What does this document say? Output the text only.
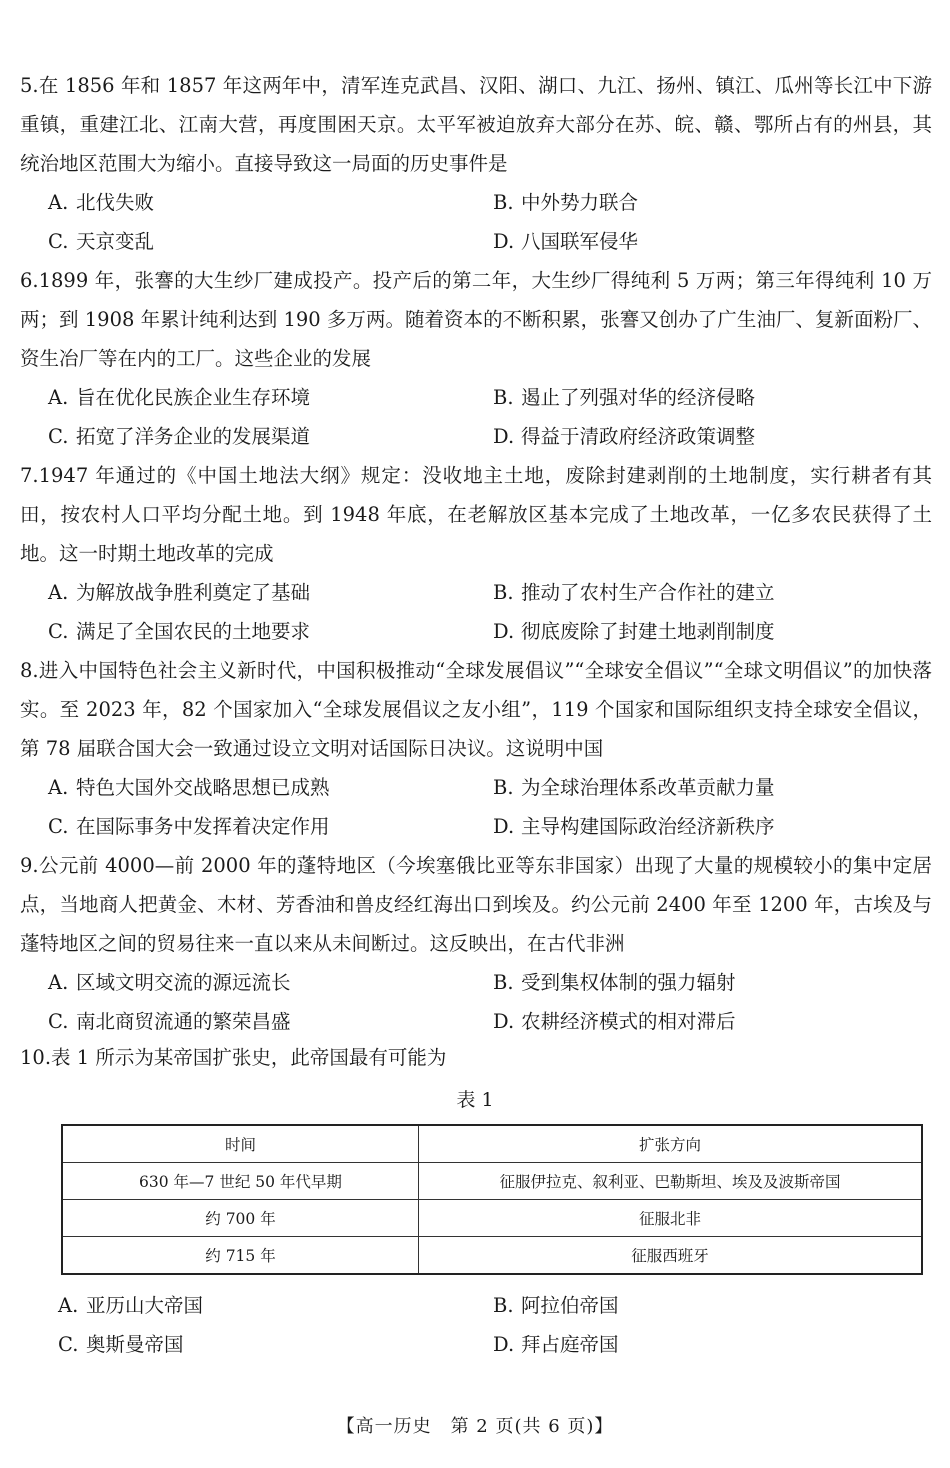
5.在 1856 年和 1857 年这两年中，清军连克武昌、汉阳、湖口、九江、扬州、镇江、瓜州等长江中下游重镇，重建江北、江南大营，再度围困天京。太平军被迫放弃大部分在苏、皖、赣、鄂所占有的州县，其统治地区范围大为缩小。直接导致这一局面的历史事件是

A. 北伐失败	B. 中外势力联合
C. 天京变乱	D. 八国联军侵华

6.1899 年，张謇的大生纱厂建成投产。投产后的第二年，大生纱厂得纯利 5 万两；第三年得纯利 10 万两；到 1908 年累计纯利达到 190 多万两。随着资本的不断积累，张謇又创办了广生油厂、复新面粉厂、资生冶厂等在内的工厂。这些企业的发展

A. 旨在优化民族企业生存环境	B. 遏止了列强对华的经济侵略
C. 拓宽了洋务企业的发展渠道	D. 得益于清政府经济政策调整

7.1947 年通过的《中国土地法大纲》规定：没收地主土地，废除封建剥削的土地制度，实行耕者有其田，按农村人口平均分配土地。到 1948 年底，在老解放区基本完成了土地改革，一亿多农民获得了土地。这一时期土地改革的完成

A. 为解放战争胜利奠定了基础	B. 推动了农村生产合作社的建立
C. 满足了全国农民的土地要求	D. 彻底废除了封建土地剥削制度

8.进入中国特色社会主义新时代，中国积极推动“全球发展倡议”“全球安全倡议”“全球文明倡议”的加快落实。至 2023 年，82 个国家加入“全球发展倡议之友小组”，119 个国家和国际组织支持全球安全倡议，第 78 届联合国大会一致通过设立文明对话国际日决议。这说明中国

A. 特色大国外交战略思想已成熟	B. 为全球治理体系改革贡献力量
C. 在国际事务中发挥着决定作用	D. 主导构建国际政治经济新秩序

9.公元前 4000—前 2000 年的蓬特地区（今埃塞俄比亚等东非国家）出现了大量的规模较小的集中定居点，当地商人把黄金、木材、芳香油和兽皮经红海出口到埃及。约公元前 2400 年至 1200 年，古埃及与蓬特地区之间的贸易往来一直以来从未间断过。这反映出，在古代非洲

A. 区域文明交流的源远流长	B. 受到集权体制的强力辐射
C. 南北商贸流通的繁荣昌盛	D. 农耕经济模式的相对滞后

10.表 1 所示为某帝国扩张史，此帝国最有可能为

表 1
时间	扩张方向
630 年—7 世纪 50 年代早期	征服伊拉克、叙利亚、巴勒斯坦、埃及及波斯帝国
约 700 年	征服北非
约 715 年	征服西班牙
A. 亚历山大帝国	B. 阿拉伯帝国
C. 奥斯曼帝国	D. 拜占庭帝国
【高一历史　第 2 页(共 6 页)】
